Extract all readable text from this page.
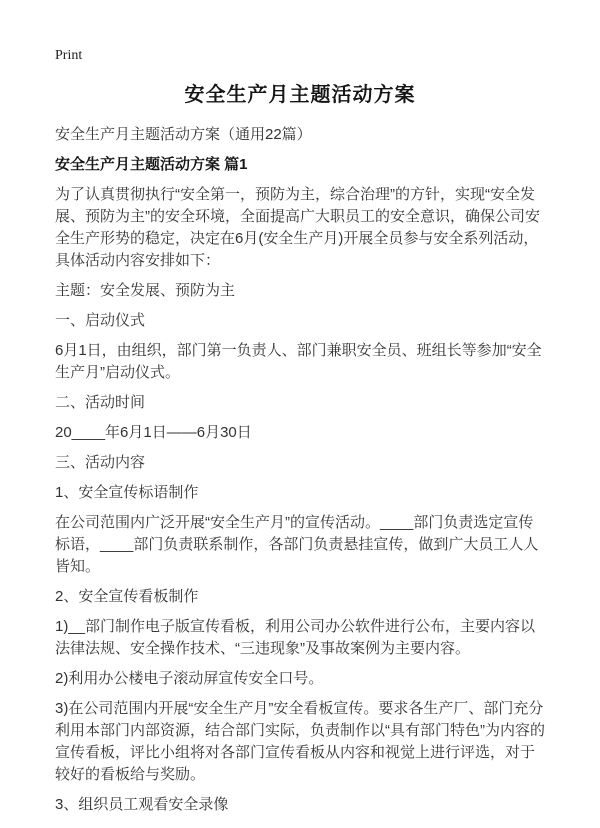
Print
安全生产月主题活动方案

安全生产月主题活动方案（通用22篇）

安全生产月主题活动方案 篇1

为了认真贯彻执行“安全第一，预防为主，综合治理”的方针，实现“安全发展、预防为主”的安全环境，全面提高广大职员工的安全意识，确保公司安全生产形势的稳定，决定在6月(安全生产月)开展全员参与安全系列活动，具体活动内容安排如下：

主题：安全发展、预防为主

一、启动仪式

6月1日，由组织，部门第一负责人、部门兼职安全员、班组长等参加“安全生产月”启动仪式。

二、活动时间

20____年6月1日——6月30日

三、活动内容

1、安全宣传标语制作

在公司范围内广泛开展“安全生产月”的宣传活动。____部门负责选定宣传标语，____部门负责联系制作，各部门负责悬挂宣传，做到广大员工人人皆知。

2、安全宣传看板制作

1)__部门制作电子版宣传看板，利用公司办公软件进行公布，主要内容以法律法规、安全操作技术、“三违现象”及事故案例为主要内容。

2)利用办公楼电子滚动屏宣传安全口号。

3)在公司范围内开展“安全生产月”安全看板宣传。要求各生产厂、部门充分利用本部门内部资源，结合部门实际，负责制作以“具有部门特色”为内容的宣传看板，评比小组将对各部门宣传看板从内容和视觉上进行评选，对于较好的看板给与奖励。

3、组织员工观看安全录像
